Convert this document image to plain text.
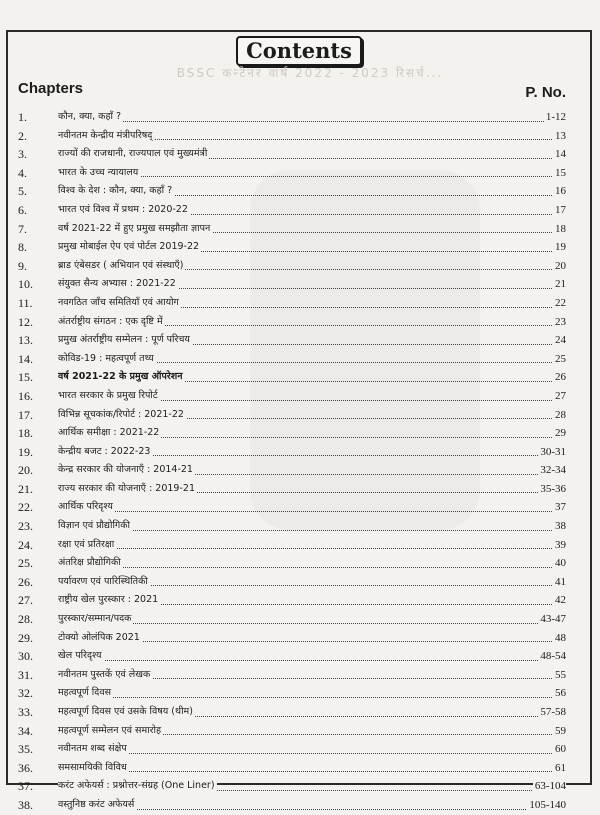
Contents
BSSC कन्टेनर वार्ष 2022 - 2023 रिसर्च...
Chapters	P. No.
1.	कौन, क्या, कहाँ ?	1-12
2.	नवीनतम केन्द्रीय मंत्रीपरिषद्	13
3.	राज्यों की राजधानी, राज्यपाल एवं मुख्यमंत्री	14
4.	भारत के उच्च न्यायालय	15
5.	विश्व के देश : कौन, क्या, कहाँ ?	16
6.	भारत एवं विश्व में प्रथम : 2020-22	17
7.	वर्ष 2021-22 में हुए प्रमुख समझौता ज्ञापन	18
8.	प्रमुख मोबाईल ऐप एवं पोर्टल 2019-22	19
9.	ब्राड एंबेसडर ( अभियान एवं संस्थाएँ)	20
10.	संयुक्त सैन्य अभ्यास : 2021-22	21
11.	नवगठित जाँच समितियाँ एवं आयोग	22
12.	अंतर्राष्ट्रीय संगठन : एक दृष्टि में	23
13.	प्रमुख अंतर्राष्ट्रीय सम्मेलन : पूर्ण परिचय	24
14.	कोविड-19 : महत्वपूर्ण तथ्य	25
15.	वर्ष 2021-22 के प्रमुख ऑपरेशन	26
16.	भारत सरकार के प्रमुख रिपोर्ट	27
17.	विभिन्न सूचकांक/रिपोर्ट : 2021-22	28
18.	आर्थिक समीक्षा : 2021-22	29
19.	केन्द्रीय बजट : 2022-23	30-31
20.	केन्द्र सरकार की योजनाएँ : 2014-21	32-34
21.	राज्य सरकार की योजनाएँ : 2019-21	35-36
22.	आर्थिक परिदृश्य	37
23.	विज्ञान एवं प्रौद्योगिकी	38
24.	रक्षा एवं प्रतिरक्षा	39
25.	अंतरिक्ष प्रौद्योगिकी	40
26.	पर्यावरण एवं पारिस्थितिकी	41
27.	राष्ट्रीय खेल पुरस्कार : 2021	42
28.	पुरस्कार/सम्मान/पदक	43-47
29.	टोक्यो ओलंपिक 2021	48
30.	खेल परिदृश्य	48-54
31.	नवीनतम पुस्तकें एवं लेखक	55
32.	महत्वपूर्ण दिवस	56
33.	महत्वपूर्ण दिवस एवं उसके विषय (थीम)	57-58
34.	महत्वपूर्ण सम्मेलन एवं समारोह	59
35.	नवीनतम शब्द संक्षेप	60
36.	समसामयिकी विविध	61
37.	करंट अफेयर्स : प्रश्नोत्तर-संग्रह (One Liner)	63-104
38.	वस्तुनिष्ठ करंट अफेयर्स	105-140
